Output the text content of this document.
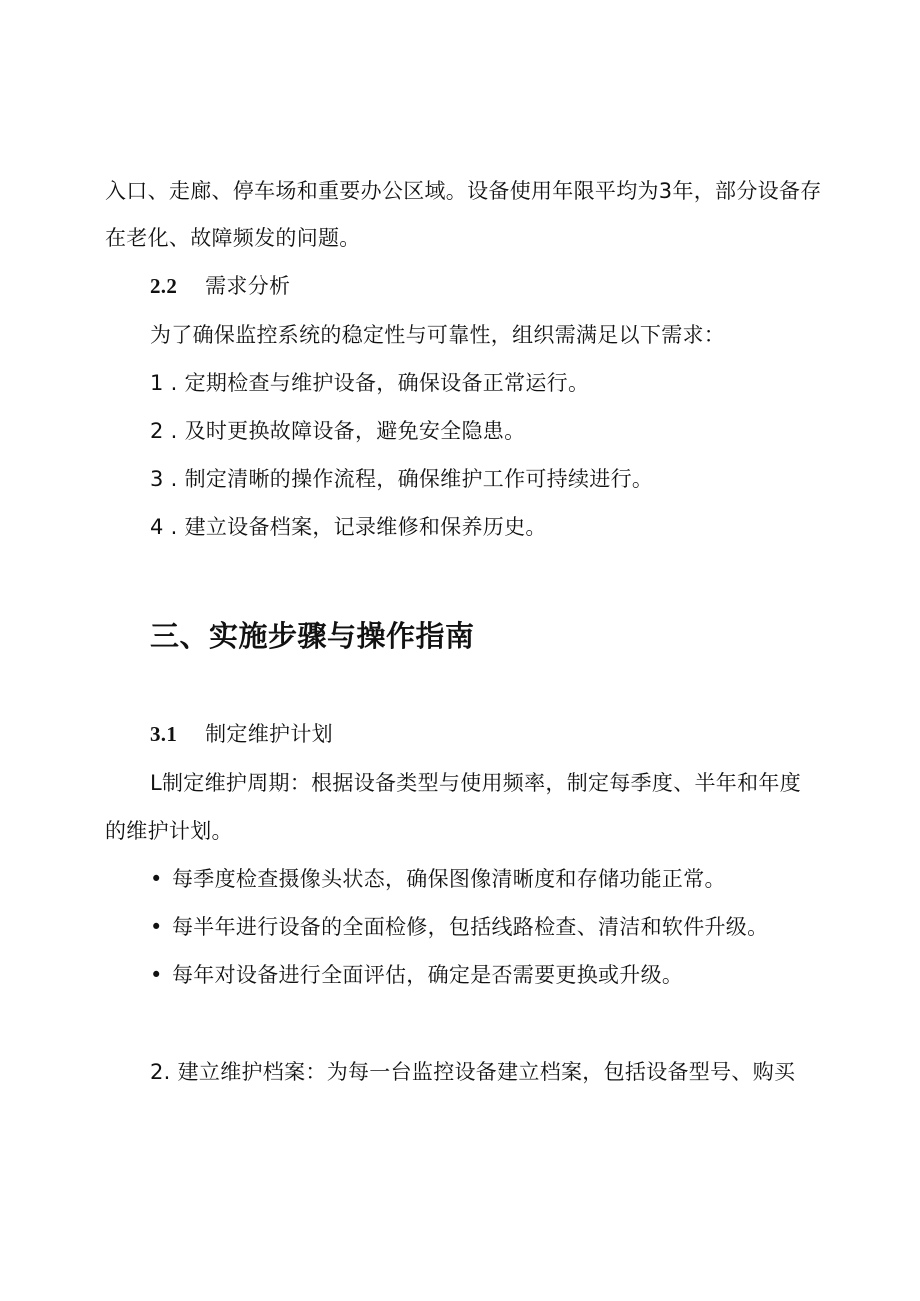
入口、走廊、停车场和重要办公区域。设备使用年限平均为3年，部分设备存
在老化、故障频发的问题。
2.2 需求分析
为了确保监控系统的稳定性与可靠性，组织需满足以下需求：
1 . 定期检查与维护设备，确保设备正常运行。
2 . 及时更换故障设备，避免安全隐患。
3 . 制定清晰的操作流程，确保维护工作可持续进行。
4 . 建立设备档案，记录维修和保养历史。
三、实施步骤与操作指南
3.1 制定维护计划
L制定维护周期：根据设备类型与使用频率，制定每季度、半年和年度
的维护计划。
• 每季度检查摄像头状态，确保图像清晰度和存储功能正常。
• 每半年进行设备的全面检修，包括线路检查、清洁和软件升级。
• 每年对设备进行全面评估，确定是否需要更换或升级。
2. 建立维护档案：为每一台监控设备建立档案，包括设备型号、购买
